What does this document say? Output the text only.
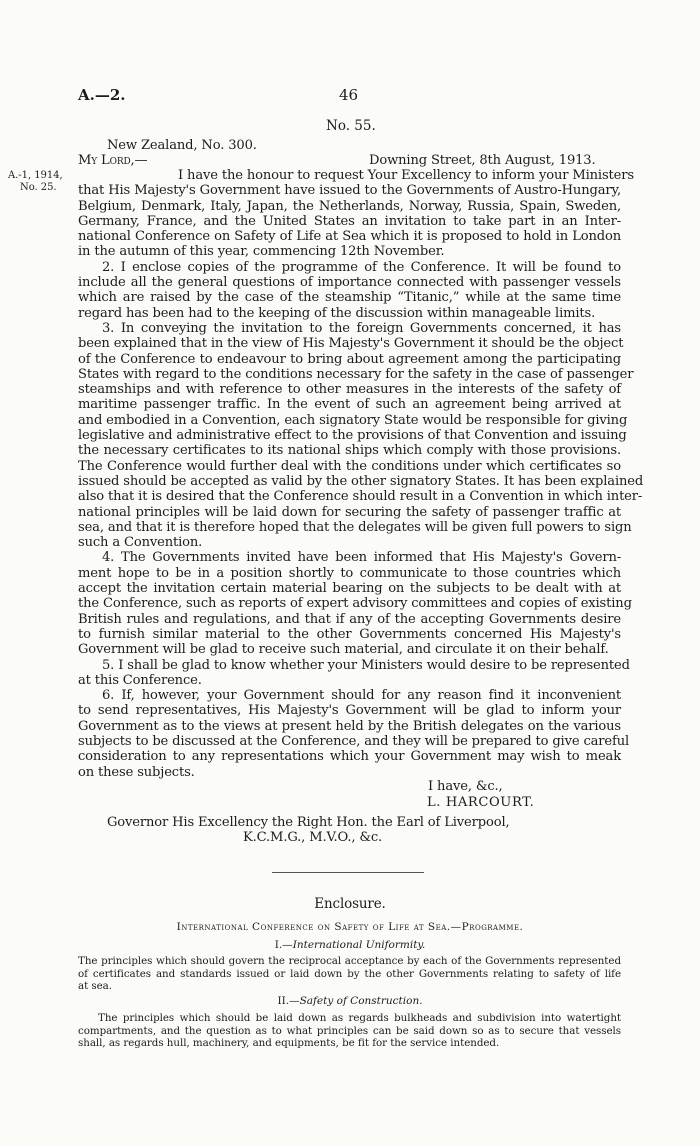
A.—2.	46
No. 55.
A.-1, 1914,
No. 25.
New Zealand, No. 300.
My Lord,—	Downing Street, 8th August, 1913.
I have the honour to request Your Excellency to inform your Ministers
that His Majesty's Government have issued to the Governments of Austro-Hungary,
Belgium, Denmark, Italy, Japan, the Netherlands, Norway, Russia, Spain, Sweden,
Germany, France, and the United States an invitation to take part in an Inter-
national Conference on Safety of Life at Sea which it is proposed to hold in London
in the autumn of this year, commencing 12th November.
2. I enclose copies of the programme of the Conference. It will be found to
include all the general questions of importance connected with passenger vessels
which are raised by the case of the steamship “Titanic,” while at the same time
regard has been had to the keeping of the discussion within manageable limits.
3. In conveying the invitation to the foreign Governments concerned, it has
been explained that in the view of His Majesty's Government it should be the object
of the Conference to endeavour to bring about agreement among the participating
States with regard to the conditions necessary for the safety in the case of passenger
steamships and with reference to other measures in the interests of the safety of
maritime passenger traffic. In the event of such an agreement being arrived at
and embodied in a Convention, each signatory State would be responsible for giving
legislative and administrative effect to the provisions of that Convention and issuing
the necessary certificates to its national ships which comply with those provisions.
The Conference would further deal with the conditions under which certificates so
issued should be accepted as valid by the other signatory States. It has been explained
also that it is desired that the Conference should result in a Convention in which inter-
national principles will be laid down for securing the safety of passenger traffic at
sea, and that it is therefore hoped that the delegates will be given full powers to sign
such a Convention.
4. The Governments invited have been informed that His Majesty's Govern-
ment hope to be in a position shortly to communicate to those countries which
accept the invitation certain material bearing on the subjects to be dealt with at
the Conference, such as reports of expert advisory committees and copies of existing
British rules and regulations, and that if any of the accepting Governments desire
to furnish similar material to the other Governments concerned His Majesty's
Government will be glad to receive such material, and circulate it on their behalf.
5. I shall be glad to know whether your Ministers would desire to be represented
at this Conference.
6. If, however, your Government should for any reason find it inconvenient
to send representatives, His Majesty's Government will be glad to inform your
Government as to the views at present held by the British delegates on the various
subjects to be discussed at the Conference, and they will be prepared to give careful
consideration to any representations which your Government may wish to meak
on these subjects.
I have, &c.,
L. HARCOURT.
Governor His Excellency the Right Hon. the Earl of Liverpool,
K.C.M.G., M.V.O., &c.
Enclosure.
International Conference on Safety of Life at Sea.—Programme.
I.—International Uniformity.
The principles which should govern the reciprocal acceptance by each of the Governments represented
of certificates and standards issued or laid down by the other Governments relating to safety of life
at sea.
II.—Safety of Construction.
The principles which should be laid down as regards bulkheads and subdivision into watertight
compartments, and the question as to what principles can be said down so as to secure that vessels
shall, as regards hull, machinery, and equipments, be fit for the service intended.
